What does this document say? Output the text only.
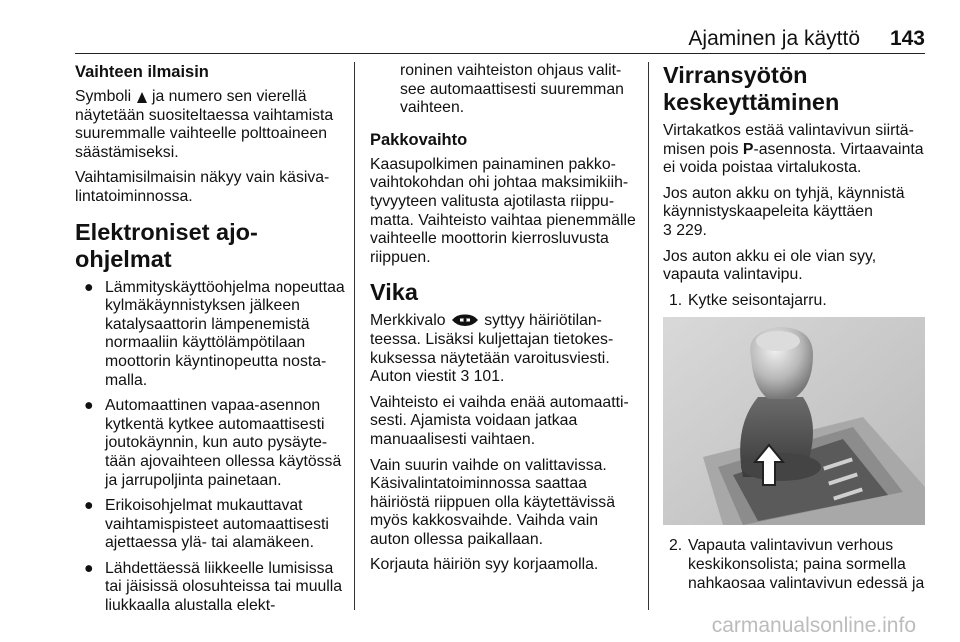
Ajaminen ja käyttö 143
Vaihteen ilmaisin

Symboli  ja numero sen vierellä näytetään suositeltaessa vaihtamista suuremmalle vaihteelle polttoaineen säästämiseksi.

Vaihtamisilmaisin näkyy vain käsivalintatoiminnossa.

Elektroniset ajo-ohjelmat
● Lämmityskäyttöohjelma nopeuttaa kylmäkäynnistyksen jälkeen katalysaattorin lämpenemistä normaaliin käyttölämpötilaan moottorin käyntinopeutta nostamalla.
● Automaattinen vapaa-asennon kytkentä kytkee automaattisesti joutokäynnin, kun auto pysäytetään ajovaihteen ollessa käytössä ja jarrupoljinta painetaan.
● Erikoisohjelmat mukauttavat vaihtamispisteet automaattisesti ajettaessa ylä- tai alamäkeen.
● Lähdettäessä liikkeelle lumisissa tai jäisissä olosuhteissa tai muulla liukkaalla alustalla elekt-

roninen vaihteiston ohjaus valitsee automaattisesti suuremman vaihteen.

Pakkovaihto

Kaasupolkimen painaminen pakkovaihtokohdan ohi johtaa maksimikiihtyvyyteen valitusta ajotilasta riippumatta. Vaihteisto vaihtaa pienemmälle vaihteelle moottorin kierrosluvusta riippuen.

Vika

Merkkivalo  syttyy häiriötilanteessa. Lisäksi kuljettajan tietokeskuksessa näytetään varoitusviesti. Auton viestit 3 101.

Vaihteisto ei vaihda enää automaattisesti. Ajamista voidaan jatkaa manuaalisesti vaihtaen.

Vain suurin vaihde on valittavissa. Käsivalintatoiminnossa saattaa häiriöstä riippuen olla käytettävissä myös kakkosvaihde. Vaihda vain auton ollessa paikallaan.

Korjauta häiriön syy korjaamolla.

Virransyötön keskeyttäminen

Virtakatkos estää valintavivun siirtämisen pois P-asennosta. Virtaavainta ei voida poistaa virtalukosta.

Jos auton akku on tyhjä, käynnistä käynnistyskaapeleita käyttäen
3 229.

Jos auton akku ei ole vian syy, vapauta valintavipu.

1. Kytke seisontajarru.
2. Vapauta valintavivun verhous keskikonsolista; paina sormella nahkaosaa valintavivun edessä ja
carmanualsonline.info
